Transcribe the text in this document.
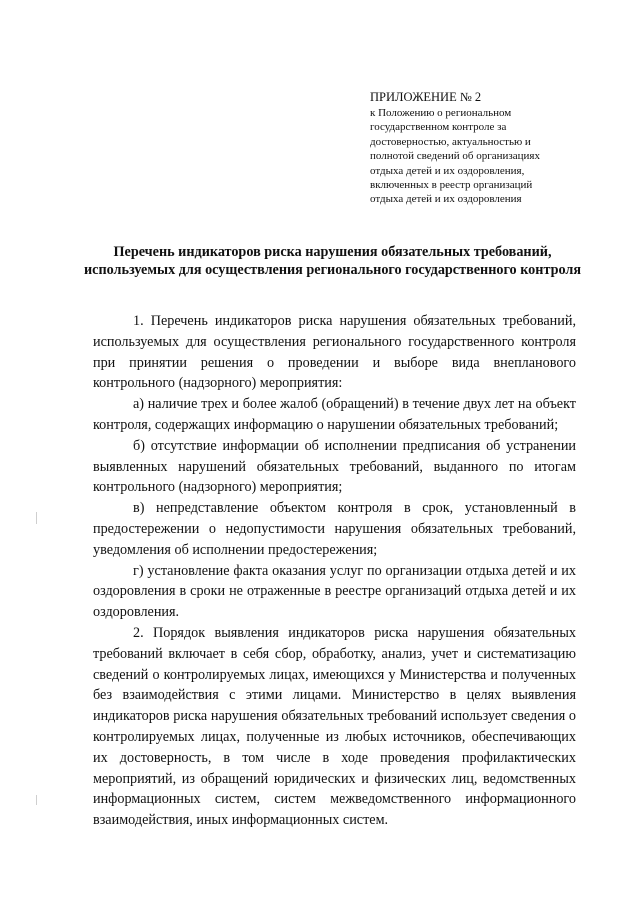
ПРИЛОЖЕНИЕ № 2
к Положению о региональном
государственном контроле за
достоверностью, актуальностью и
полнотой сведений об организациях
отдыха детей и их оздоровления,
включенных в реестр организаций
отдыха детей и их оздоровления
Перечень индикаторов риска нарушения обязательных требований, используемых для осуществления регионального государственного контроля

1. Перечень индикаторов риска нарушения обязательных требований, используемых для осуществления регионального государственного контроля при принятии решения о проведении и выборе вида внепланового контрольного (надзорного) мероприятия:

а) наличие трех и более жалоб (обращений) в течение двух лет на объект контроля, содержащих информацию о нарушении обязательных требований;

б) отсутствие информации об исполнении предписания об устранении выявленных нарушений обязательных требований, выданного по итогам контрольного (надзорного) мероприятия;

в) непредставление объектом контроля в срок, установленный в предостережении о недопустимости нарушения обязательных требований, уведомления об исполнении предостережения;

г) установление факта оказания услуг по организации отдыха детей и их оздоровления в сроки не отраженные в реестре организаций отдыха детей и их оздоровления.

2. Порядок выявления индикаторов риска нарушения обязательных требований включает в себя сбор, обработку, анализ, учет и систематизацию сведений о контролируемых лицах, имеющихся у Министерства и полученных без взаимодействия с этими лицами. Министерство в целях выявления индикаторов риска нарушения обязательных требований использует сведения о контролируемых лицах, полученные из любых источников, обеспечивающих их достоверность, в том числе в ходе проведения профилактических мероприятий, из обращений юридических и физических лиц, ведомственных информационных систем, систем межведомственного информационного взаимодействия, иных информационных систем.
